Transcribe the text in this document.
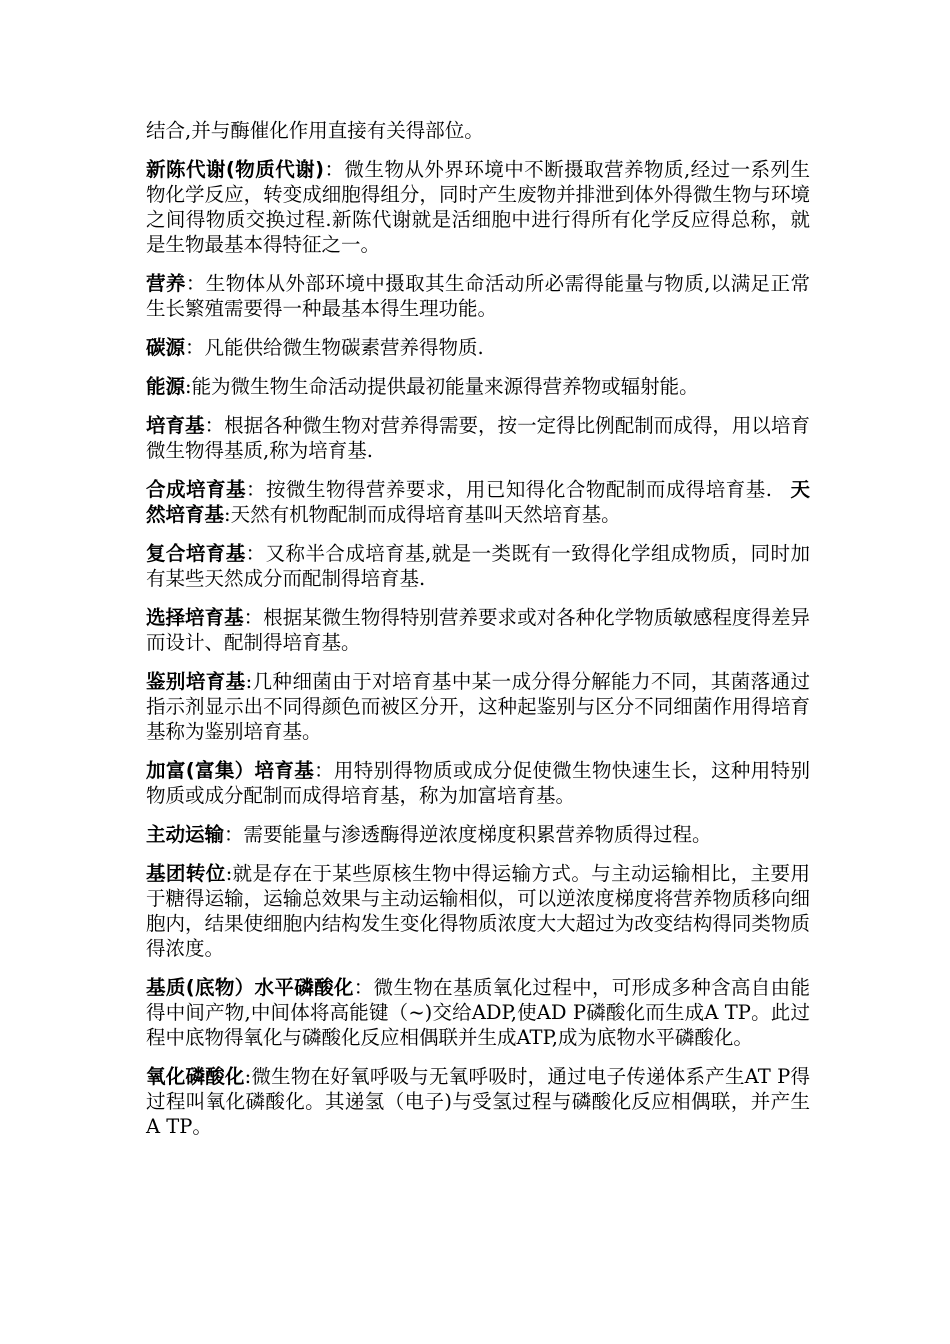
结合,并与酶催化作用直接有关得部位。

新陈代谢(物质代谢)：微生物从外界环境中不断摄取营养物质,经过一系列生物化学反应，转变成细胞得组分，同时产生废物并排泄到体外得微生物与环境之间得物质交换过程.新陈代谢就是活细胞中进行得所有化学反应得总称，就是生物最基本得特征之一。

营养：生物体从外部环境中摄取其生命活动所必需得能量与物质,以满足正常生长繁殖需要得一种最基本得生理功能。

碳源：凡能供给微生物碳素营养得物质.

能源:能为微生物生命活动提供最初能量来源得营养物或辐射能。

培育基：根据各种微生物对营养得需要，按一定得比例配制而成得，用以培育微生物得基质,称为培育基.

合成培育基：按微生物得营养要求，用已知得化合物配制而成得培育基. 天然培育基:天然有机物配制而成得培育基叫天然培育基。

复合培育基：又称半合成培育基,就是一类既有一致得化学组成物质，同时加有某些天然成分而配制得培育基.

选择培育基：根据某微生物得特别营养要求或对各种化学物质敏感程度得差异而设计、配制得培育基。

鉴别培育基:几种细菌由于对培育基中某一成分得分解能力不同，其菌落通过指示剂显示出不同得颜色而被区分开，这种起鉴别与区分不同细菌作用得培育基称为鉴别培育基。

加富(富集）培育基：用特别得物质或成分促使微生物快速生长，这种用特别物质或成分配制而成得培育基，称为加富培育基。

主动运输：需要能量与渗透酶得逆浓度梯度积累营养物质得过程。

基团转位:就是存在于某些原核生物中得运输方式。与主动运输相比，主要用于糖得运输，运输总效果与主动运输相似，可以逆浓度梯度将营养物质移向细胞内，结果使细胞内结构发生变化得物质浓度大大超过为改变结构得同类物质得浓度。

基质(底物）水平磷酸化：微生物在基质氧化过程中，可形成多种含高自由能得中间产物,中间体将高能键（~)交给ADP,使AD P磷酸化而生成A TP。此过程中底物得氧化与磷酸化反应相偶联并生成ATP,成为底物水平磷酸化。

氧化磷酸化:微生物在好氧呼吸与无氧呼吸时，通过电子传递体系产生AT P得过程叫氧化磷酸化。其递氢（电子)与受氢过程与磷酸化反应相偶联，并产生A TP。
